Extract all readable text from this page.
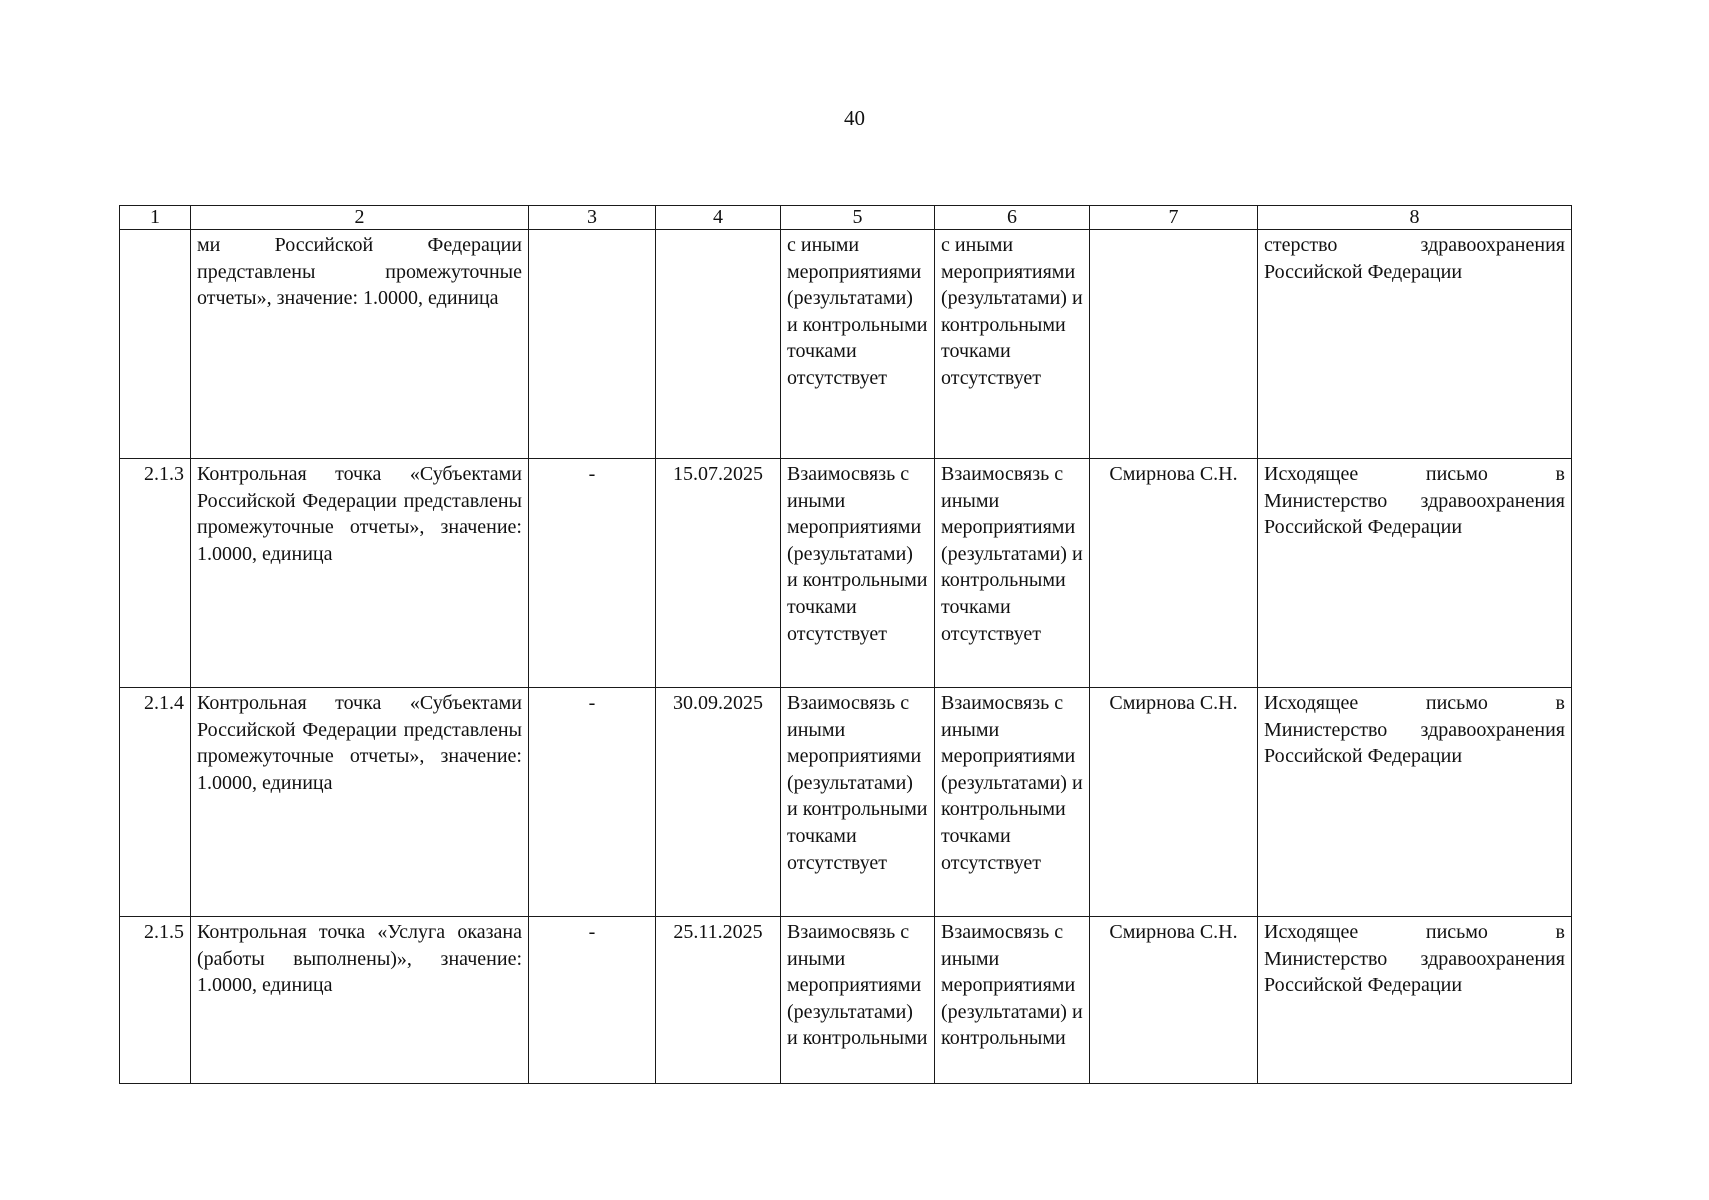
40
1	2	3	4	5	6	7	8
	ми Российской Федерации представлены промежуточные отчеты», значение: 1.0000, единица			с иными мероприятиями (результатами) и контрольными точками отсутствует	с иными мероприятиями (результатами) и контрольными точками отсутствует		стерство здравоохранения Российской Федерации
2.1.3	Контрольная точка «Субъектами Российской Федерации представлены промежуточные отчеты», значение: 1.0000, единица	-	15.07.2025	Взаимосвязь с иными мероприятиями (результатами) и контрольными точками отсутствует	Взаимосвязь с иными мероприятиями (результатами) и контрольными точками отсутствует	Смирнова С.Н.	Исходящее письмо в Министерство здравоохранения Российской Федерации
2.1.4	Контрольная точка «Субъектами Российской Федерации представлены промежуточные отчеты», значение: 1.0000, единица	-	30.09.2025	Взаимосвязь с иными мероприятиями (результатами) и контрольными точками отсутствует	Взаимосвязь с иными мероприятиями (результатами) и контрольными точками отсутствует	Смирнова С.Н.	Исходящее письмо в Министерство здравоохранения Российской Федерации
2.1.5	Контрольная точка «Услуга оказана (работы выполнены)», значение: 1.0000, единица	-	25.11.2025	Взаимосвязь с иными мероприятиями (результатами) и контрольными	Взаимосвязь с иными мероприятиями (результатами) и контрольными	Смирнова С.Н.	Исходящее письмо в Министерство здравоохранения Российской Федерации
